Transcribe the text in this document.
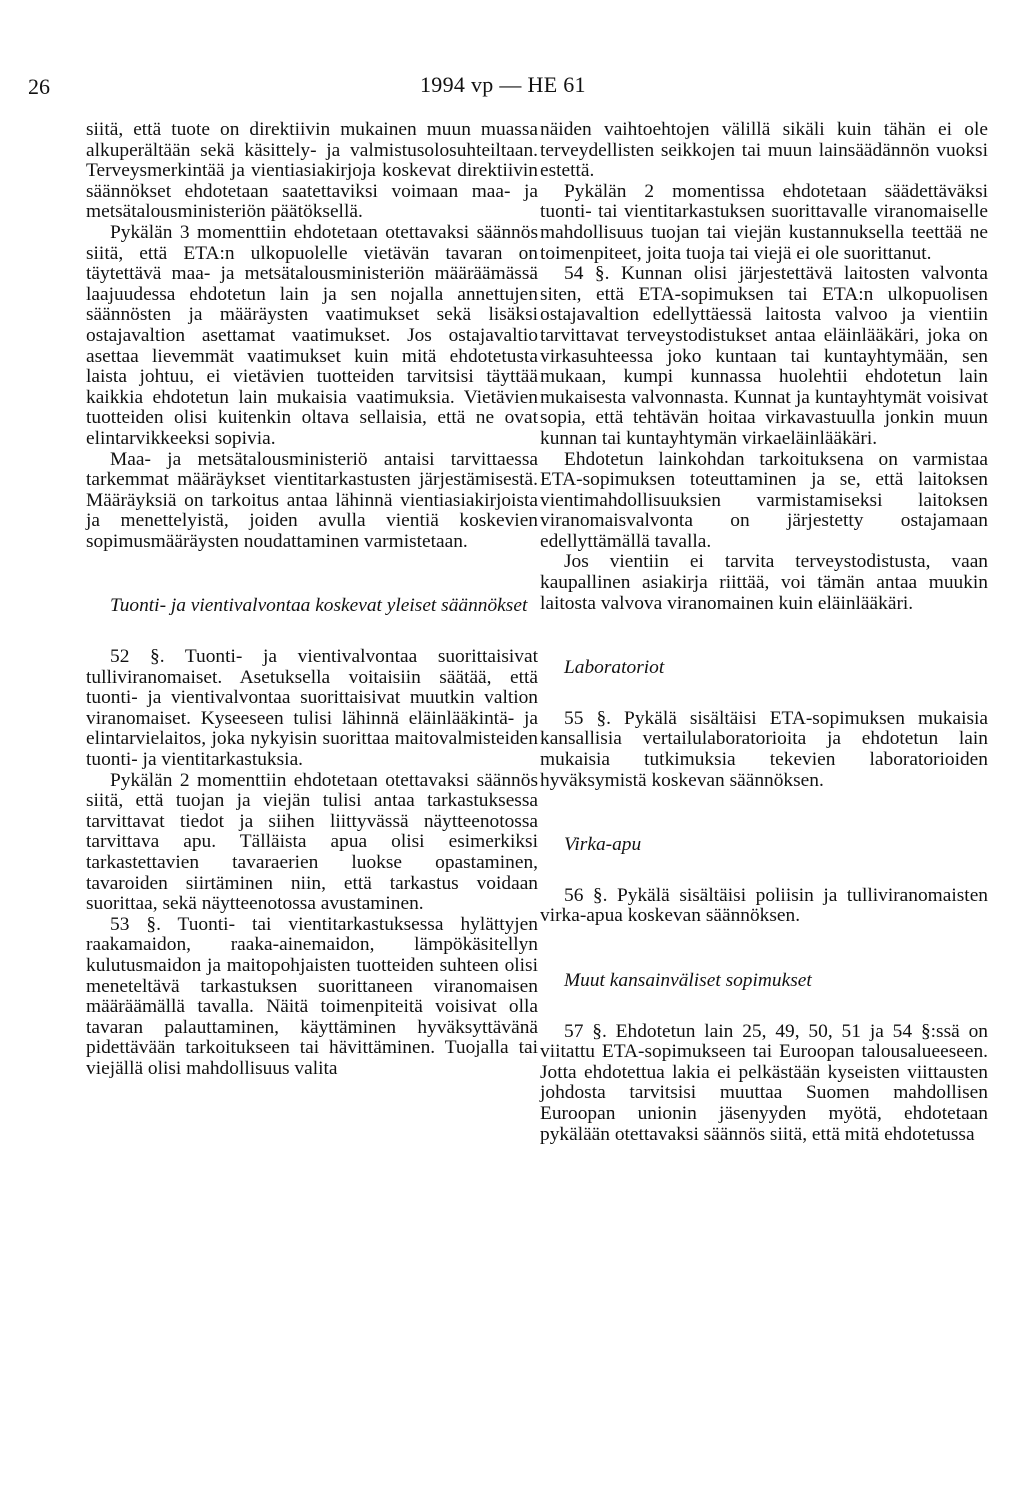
26	1994 vp — HE 61

siitä, että tuote on direktiivin mukainen muun muassa alkuperältään sekä käsittely- ja valmistusolosuhteiltaan. Terveysmerkintää ja vientiasiakirjoja koskevat direktiivin säännökset ehdotetaan saatettaviksi voimaan maa- ja metsätalousministeriön päätöksellä.

Pykälän 3 momenttiin ehdotetaan otettavaksi säännös siitä, että ETA:n ulkopuolelle vietävän tavaran on täytettävä maa- ja metsätalousministeriön määräämässä laajuudessa ehdotetun lain ja sen nojalla annettujen säännösten ja määräysten vaatimukset sekä lisäksi ostajavaltion asettamat vaatimukset. Jos ostajavaltio asettaa lievemmät vaatimukset kuin mitä ehdotetusta laista johtuu, ei vietävien tuotteiden tarvitsisi täyttää kaikkia ehdotetun lain mukaisia vaatimuksia. Vietävien tuotteiden olisi kuitenkin oltava sellaisia, että ne ovat elintarvikkeeksi sopivia.

Maa- ja metsätalousministeriö antaisi tarvittaessa tarkemmat määräykset vientitarkastusten järjestämisestä. Määräyksiä on tarkoitus antaa lähinnä vientiasiakirjoista ja menettelyistä, joiden avulla vientiä koskevien sopimusmääräysten noudattaminen varmistetaan.

Tuonti- ja vientivalvontaa koskevat yleiset säännökset

52 §. Tuonti- ja vientivalvontaa suorittaisivat tulliviranomaiset. Asetuksella voitaisiin säätää, että tuonti- ja vientivalvontaa suorittaisivat muutkin valtion viranomaiset. Kyseeseen tulisi lähinnä eläinlääkintä- ja elintarvielaitos, joka nykyisin suorittaa maitovalmisteiden tuonti- ja vientitarkastuksia.

Pykälän 2 momenttiin ehdotetaan otettavaksi säännös siitä, että tuojan ja viejän tulisi antaa tarkastuksessa tarvittavat tiedot ja siihen liittyvässä näytteenotossa tarvittava apu. Tälläista apua olisi esimerkiksi tarkastettavien tavaraerien luokse opastaminen, tavaroiden siirtäminen niin, että tarkastus voidaan suorittaa, sekä näytteenotossa avustaminen.

53 §. Tuonti- tai vientitarkastuksessa hylättyjen raakamaidon, raaka-ainemaidon, lämpökäsitellyn kulutusmaidon ja maitopohjaisten tuotteiden suhteen olisi meneteltävä tarkastuksen suorittaneen viranomaisen määräämällä tavalla. Näitä toimenpiteitä voisivat olla tavaran palauttaminen, käyttäminen hyväksyttävänä pidettävään tarkoitukseen tai hävittäminen. Tuojalla tai viejällä olisi mahdollisuus valita

näiden vaihtoehtojen välillä sikäli kuin tähän ei ole terveydellisten seikkojen tai muun lainsäädännön vuoksi estettä.

Pykälän 2 momentissa ehdotetaan säädettäväksi tuonti- tai vientitarkastuksen suorittavalle viranomaiselle mahdollisuus tuojan tai viejän kustannuksella teettää ne toimenpiteet, joita tuoja tai viejä ei ole suorittanut.

54 §. Kunnan olisi järjestettävä laitosten valvonta siten, että ETA-sopimuksen tai ETA:n ulkopuolisen ostajavaltion edellyttäessä laitosta valvoo ja vientiin tarvittavat terveystodistukset antaa eläinlääkäri, joka on virkasuhteessa joko kuntaan tai kuntayhtymään, sen mukaan, kumpi kunnassa huolehtii ehdotetun lain mukaisesta valvonnasta. Kunnat ja kuntayhtymät voisivat sopia, että tehtävän hoitaa virkavastuulla jonkin muun kunnan tai kuntayhtymän virkaeläinlääkäri.

Ehdotetun lainkohdan tarkoituksena on varmistaa ETA-sopimuksen toteuttaminen ja se, että laitoksen vientimahdollisuuksien varmistamiseksi laitoksen viranomaisvalvonta on järjestetty ostajamaan edellyttämällä tavalla.

Jos vientiin ei tarvita terveystodistusta, vaan kaupallinen asiakirja riittää, voi tämän antaa muukin laitosta valvova viranomainen kuin eläinlääkäri.

Laboratoriot

55 §. Pykälä sisältäisi ETA-sopimuksen mukaisia kansallisia vertailulaboratorioita ja ehdotetun lain mukaisia tutkimuksia tekevien laboratorioiden hyväksymistä koskevan säännöksen.

Virka-apu

56 §. Pykälä sisältäisi poliisin ja tulliviranomaisten virka-apua koskevan säännöksen.

Muut kansainväliset sopimukset

57 §. Ehdotetun lain 25, 49, 50, 51 ja 54 §:ssä on viitattu ETA-sopimukseen tai Euroopan talousalueeseen. Jotta ehdotettua lakia ei pelkästään kyseisten viittausten johdosta tarvitsisi muuttaa Suomen mahdollisen Euroopan unionin jäsenyyden myötä, ehdotetaan pykälään otettavaksi säännös siitä, että mitä ehdotetussa
